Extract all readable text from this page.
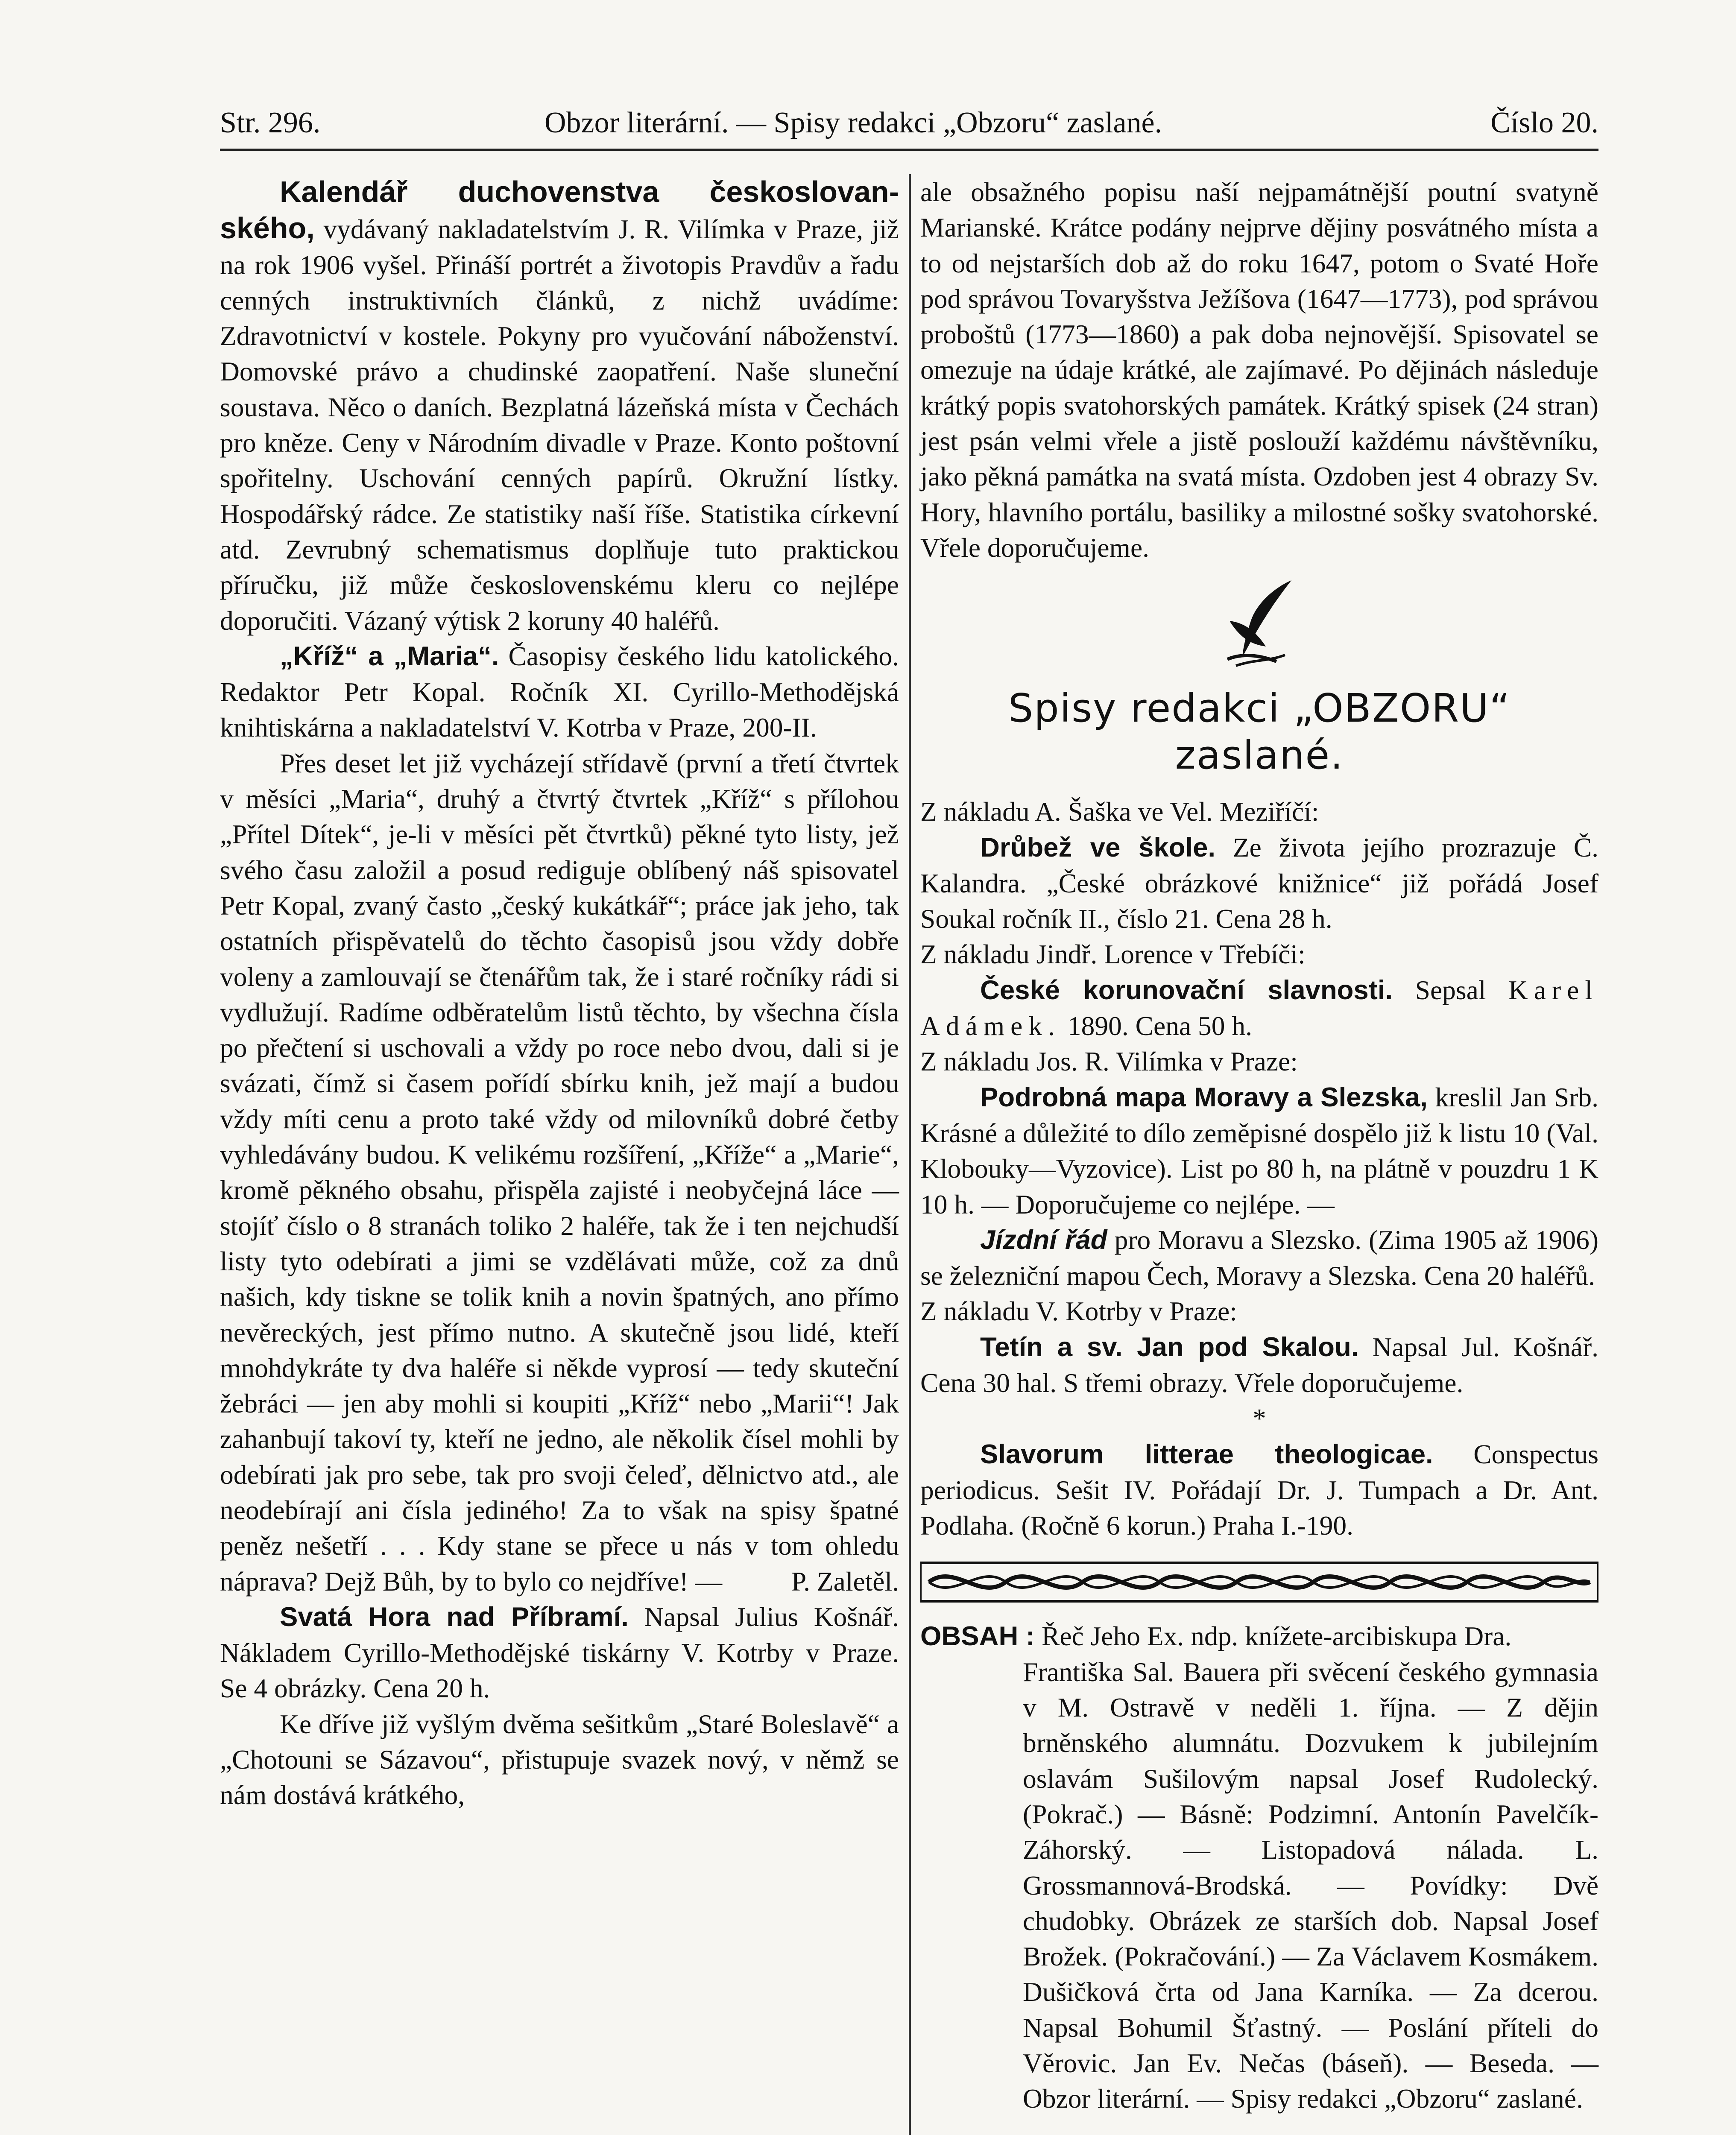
Str. 296.	Obzor literární. — Spisy redakci „Obzoru“ zaslané.	Číslo 20.

Kalendář duchovenstva českoslovan-ského, vydávaný nakladatelstvím J. R. Vilímka v Praze, již na rok 1906 vyšel. Přináší portrét a životopis Pravdův a řadu cenných instruktivních článků, z nichž uvádíme: Zdravotnictví v kostele. Pokyny pro vyučování náboženství. Domovské právo a chudinské zaopatření. Naše sluneční soustava. Něco o daních. Bezplatná lázeňská místa v Čechách pro kněze. Ceny v Národním divadle v Praze. Konto poštovní spořitelny. Uschování cenných papírů. Okružní lístky. Hospodářský rádce. Ze statistiky naší říše. Statistika církevní atd. Zevrubný schematismus doplňuje tuto praktickou příručku, již může československému kleru co nejlépe doporučiti. Vázaný výtisk 2 koruny 40 haléřů.

„Kříž“ a „Maria“. Časopisy českého lidu katolického. Redaktor Petr Kopal. Ročník XI. Cyrillo-Methodějská knihtiskárna a nakladatelství V. Kotrba v Praze, 200-II.

Přes deset let již vycházejí střídavě (první a třetí čtvrtek v měsíci „Maria“, druhý a čtvrtý čtvrtek „Kříž“ s přílohou „Přítel Dítek“, je-li v měsíci pět čtvrtků) pěkné tyto listy, jež svého času založil a posud rediguje oblíbený náš spisovatel Petr Kopal, zvaný často „český kukátkář“; práce jak jeho, tak ostatních přispěvatelů do těchto časopisů jsou vždy dobře voleny a zamlouvají se čtenářům tak, že i staré ročníky rádi si vydlužují. Radíme odběratelům listů těchto, by všechna čísla po přečtení si uschovali a vždy po roce nebo dvou, dali si je svázati, čímž si časem pořídí sbírku knih, jež mají a budou vždy míti cenu a proto také vždy od milovníků dobré četby vyhledávány budou. K velikému rozšíření, „Kříže“ a „Marie“, kromě pěkného obsahu, přispěla zajisté i neobyčejná láce — stojíť číslo o 8 stranách toliko 2 haléře, tak že i ten nejchudší listy tyto odebírati a jimi se vzdělávati může, což za dnů našich, kdy tiskne se tolik knih a novin špatných, ano přímo nevěreckých, jest přímo nutno. A skutečně jsou lidé, kteří mnohdykráte ty dva haléře si někde vyprosí — tedy skuteční žebráci — jen aby mohli si koupiti „Kříž“ nebo „Marii“! Jak zahanbují takoví ty, kteří ne jedno, ale několik čísel mohli by odebírati jak pro sebe, tak pro svoji čeleď, dělnictvo atd., ale neodebírají ani čísla jediného! Za to však na spisy špatné peněz nešetří . . . Kdy stane se přece u nás v tom ohledu náprava? Dejž Bůh, by to bylo co nejdříve! —	P. Zaletěl.

Svatá Hora nad Příbramí. Napsal Julius Košnář. Nákladem Cyrillo-Methodějské tiskárny V. Kotrby v Praze. Se 4 obrázky. Cena 20 h.

Ke dříve již vyšlým dvěma sešitkům „Staré Boleslavě“ a „Chotouni se Sázavou“, přistupuje svazek nový, v němž se nám dostává krátkého,

ale obsažného popisu naší nejpamátnější poutní svatyně Marianské. Krátce podány nejprve dějiny posvátného místa a to od nejstarších dob až do roku 1647, potom o Svaté Hoře pod správou Tovaryšstva Ježíšova (1647—1773), pod správou proboštů (1773—1860) a pak doba nejnovější. Spisovatel se omezuje na údaje krátké, ale zajímavé. Po dějinách následuje krátký popis svatohorských památek. Krátký spisek (24 stran) jest psán velmi vřele a jistě poslouží každému návštěvníku, jako pěkná památka na svatá místa. Ozdoben jest 4 obrazy Sv. Hory, hlavního portálu, basiliky a milostné sošky svatohorské. Vřele doporučujeme.

Spisy redakci „OBZORU“ zaslané.

Z nákladu A. Šaška ve Vel. Meziříčí:

Drůbež ve škole. Ze života jejího prozrazuje Č. Kalandra. „České obrázkové knižnice“ již pořádá Josef Soukal ročník II., číslo 21. Cena 28 h.

Z nákladu Jindř. Lorence v Třebíči:

České korunovační slavnosti. Sepsal Karel Adámek. 1890. Cena 50 h.

Z nákladu Jos. R. Vilímka v Praze:

Podrobná mapa Moravy a Slezska, kreslil Jan Srb. Krásné a důležité to dílo zeměpisné dospělo již k listu 10 (Val. Klobouky—Vyzovice). List po 80 h, na plátně v pouzdru 1 K 10 h. — Doporučujeme co nejlépe. —

Jízdní řád pro Moravu a Slezsko. (Zima 1905 až 1906) se železniční mapou Čech, Moravy a Slezska. Cena 20 haléřů.

Z nákladu V. Kotrby v Praze:

Tetín a sv. Jan pod Skalou. Napsal Jul. Košnář. Cena 30 hal. S třemi obrazy. Vřele doporučujeme.

*

Slavorum litterae theologicae. Conspectus periodicus. Sešit IV. Pořádají Dr. J. Tumpach a Dr. Ant. Podlaha. (Ročně 6 korun.) Praha I.-190.

OBSAH : Řeč Jeho Ex. ndp. knížete-arcibiskupa Dra.

Františka Sal. Bauera při svěcení českého gymnasia v M. Ostravě v neděli 1. října. — Z dějin brněnského alumnátu. Dozvukem k jubilejním oslavám Sušilovým napsal Josef Rudolecký. (Pokrač.) — Básně: Podzimní. Antonín Pavelčík-Záhorský. — Listopadová nálada. L. Grossmannová-Brodská. — Povídky: Dvě chudobky. Obrázek ze starších dob. Napsal Josef Brožek. (Pokračování.) — Za Václavem Kosmákem. Dušičková črta od Jana Karníka. — Za dcerou. Napsal Bohumil Šťastný. — Poslání příteli do Věrovic. Jan Ev. Nečas (báseň). — Beseda. — Obzor literární. — Spisy redakci „Obzoru“ zaslané.
